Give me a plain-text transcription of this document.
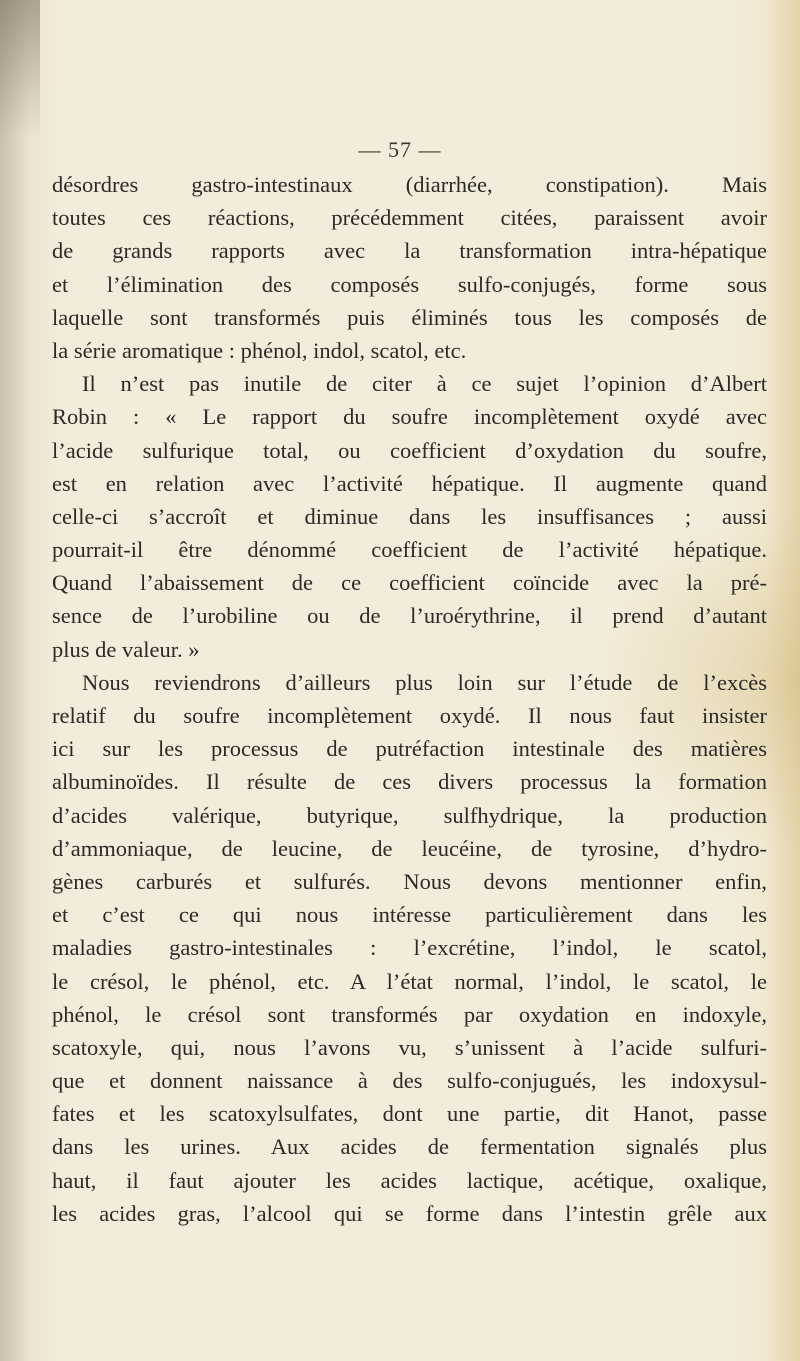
— 57 —
désordres gastro-intestinaux (diarrhée, constipation). Mais
toutes ces réactions, précédemment citées, paraissent avoir
de grands rapports avec la transformation intra-hépatique
et l’élimination des composés sulfo-conjugés, forme sous
laquelle sont transformés puis éliminés tous les composés de
la série aromatique : phénol, indol, scatol, etc.
Il n’est pas inutile de citer à ce sujet l’opinion d’Albert
Robin : « Le rapport du soufre incomplètement oxydé avec
l’acide sulfurique total, ou coefficient d’oxydation du soufre,
est en relation avec l’activité hépatique. Il augmente quand
celle-ci s’accroît et diminue dans les insuffisances ; aussi
pourrait-il être dénommé coefficient de l’activité hépatique.
Quand l’abaissement de ce coefficient coïncide avec la pré-
sence de l’urobiline ou de l’uroérythrine, il prend d’autant
plus de valeur. »
Nous reviendrons d’ailleurs plus loin sur l’étude de l’excès
relatif du soufre incomplètement oxydé. Il nous faut insister
ici sur les processus de putréfaction intestinale des matières
albuminoïdes. Il résulte de ces divers processus la formation
d’acides valérique, butyrique, sulfhydrique, la production
d’ammoniaque, de leucine, de leucéine, de tyrosine, d’hydro-
gènes carburés et sulfurés. Nous devons mentionner enfin,
et c’est ce qui nous intéresse particulièrement dans les
maladies gastro-intestinales : l’excrétine, l’indol, le scatol,
le crésol, le phénol, etc. A l’état normal, l’indol, le scatol, le
phénol, le crésol sont transformés par oxydation en indoxyle,
scatoxyle, qui, nous l’avons vu, s’unissent à l’acide sulfuri-
que et donnent naissance à des sulfo-conjugués, les indoxysul-
fates et les scatoxylsulfates, dont une partie, dit Hanot, passe
dans les urines. Aux acides de fermentation signalés plus
haut, il faut ajouter les acides lactique, acétique, oxalique,
les acides gras, l’alcool qui se forme dans l’intestin grêle aux
